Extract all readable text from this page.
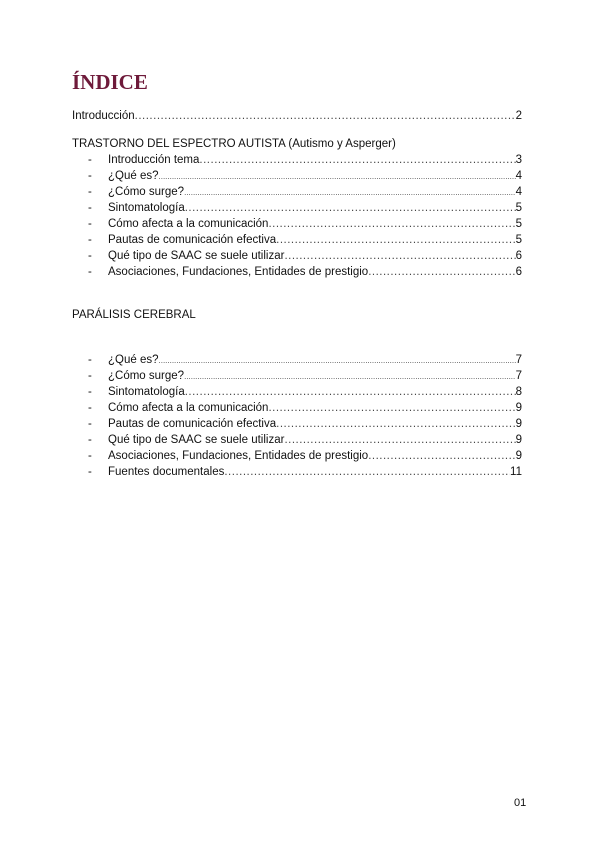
ÍNDICE
Introducción .....	2
TRASTORNO DEL ESPECTRO AUTISTA (Autismo y Asperger)
-	Introducción tema .....	3
-	¿Qué es? .....	4
-	¿Cómo surge? .....	4
-	Sintomatología .....	5
-	Cómo afecta a la comunicación .....	5
-	Pautas de comunicación efectiva .....	5
-	Qué tipo de SAAC se suele utilizar .....	6
-	Asociaciones, Fundaciones, Entidades de prestigio .....	6
PARÁLISIS CEREBRAL
-	¿Qué es? .....	7
-	¿Cómo surge? .....	7
-	Sintomatología .....	8
-	Cómo afecta a la comunicación .....	9
-	Pautas de comunicación efectiva .....	9
-	Qué tipo de SAAC se suele utilizar .....	9
-	Asociaciones, Fundaciones, Entidades de prestigio .....	9
-	Fuentes documentales .....	11
01
